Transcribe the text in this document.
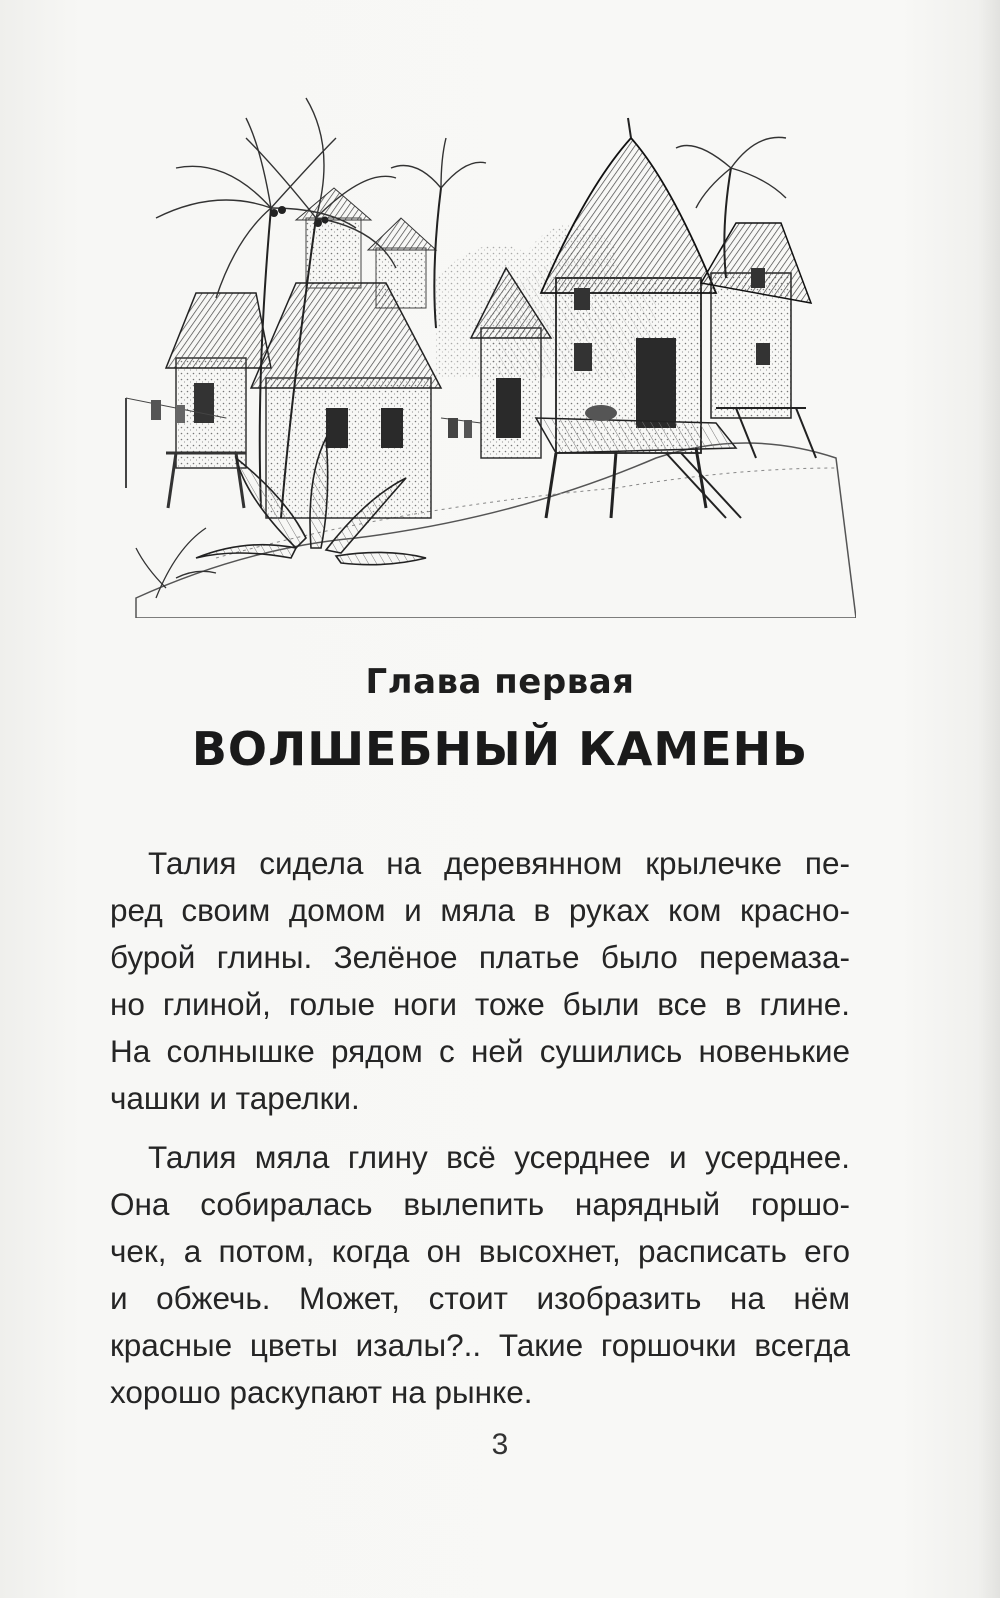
Глава первая
ВОЛШЕБНЫЙ КАМЕНЬ
Талия сидела на деревянном крылечке пе-
ред своим домом и мяла в руках ком красно-
бурой глины. Зелёное платье было перемаза-
но глиной, голые ноги тоже были все в глине.
На солнышке рядом с ней сушились новенькие
чашки и тарелки.
Талия мяла глину всё усерднее и усерднее.
Она собиралась вылепить нарядный горшо-
чек, а потом, когда он высохнет, расписать его
и обжечь. Может, стоит изобразить на нём
красные цветы изалы?.. Такие горшочки всегда
хорошо раскупают на рынке.
3
